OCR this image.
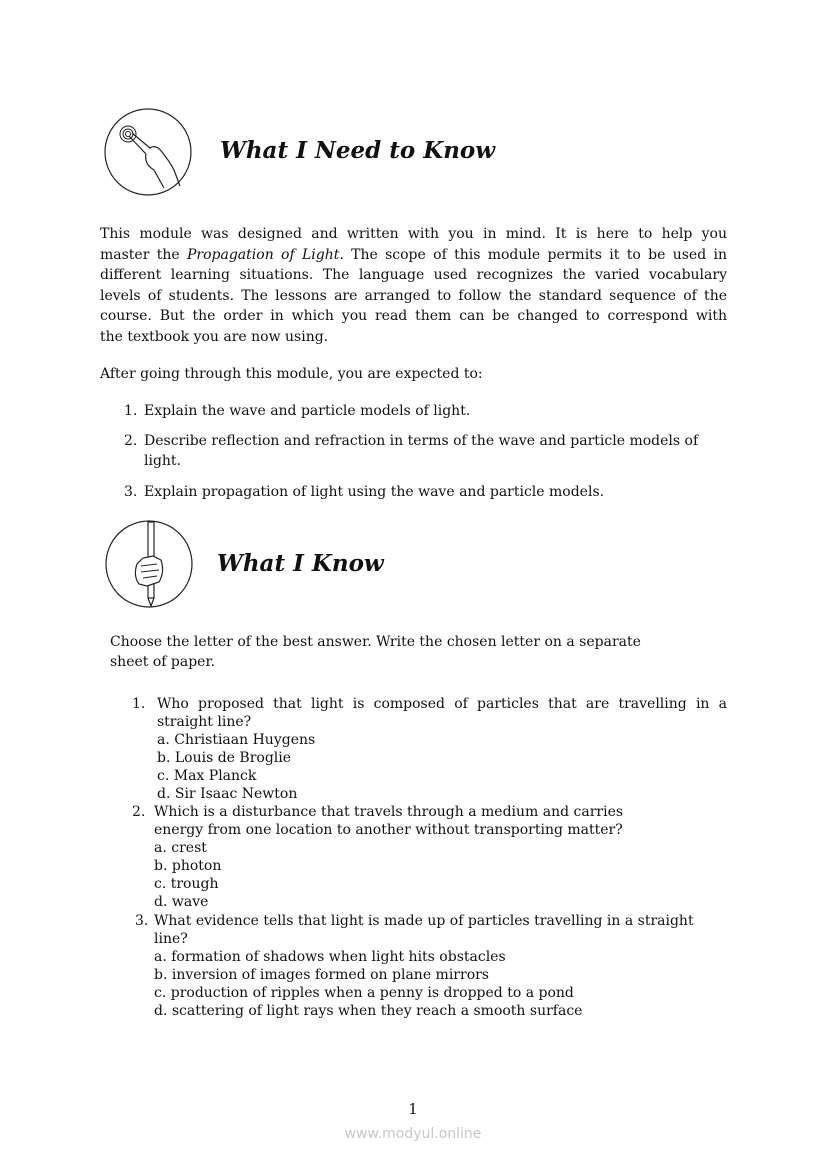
What I Need to Know
This module was designed and written with you in mind. It is here to help you
master the Propagation of Light. The scope of this module permits it to be used in
different learning situations. The language used recognizes the varied vocabulary
levels of students. The lessons are arranged to follow the standard sequence of the
course. But the order in which you read them can be changed to correspond with
the textbook you are now using.
After going through this module, you are expected to:
1. Explain the wave and particle models of light.
2. Describe reflection and refraction in terms of the wave and particle models of
light.
3. Explain propagation of light using the wave and particle models.
What I Know
Choose the letter of the best answer. Write the chosen letter on a separate
sheet of paper.
1. Who proposed that light is composed of particles that are travelling in a
straight line?
a. Christiaan Huygens
b. Louis de Broglie
c. Max Planck
d. Sir Isaac Newton
2. Which is a disturbance that travels through a medium and carries
energy from one location to another without transporting matter?
a. crest
b. photon
c. trough
d. wave
3. What evidence tells that light is made up of particles travelling in a straight
line?
a. formation of shadows when light hits obstacles
b. inversion of images formed on plane mirrors
c. production of ripples when a penny is dropped to a pond
d. scattering of light rays when they reach a smooth surface
1
www.modyul.online
